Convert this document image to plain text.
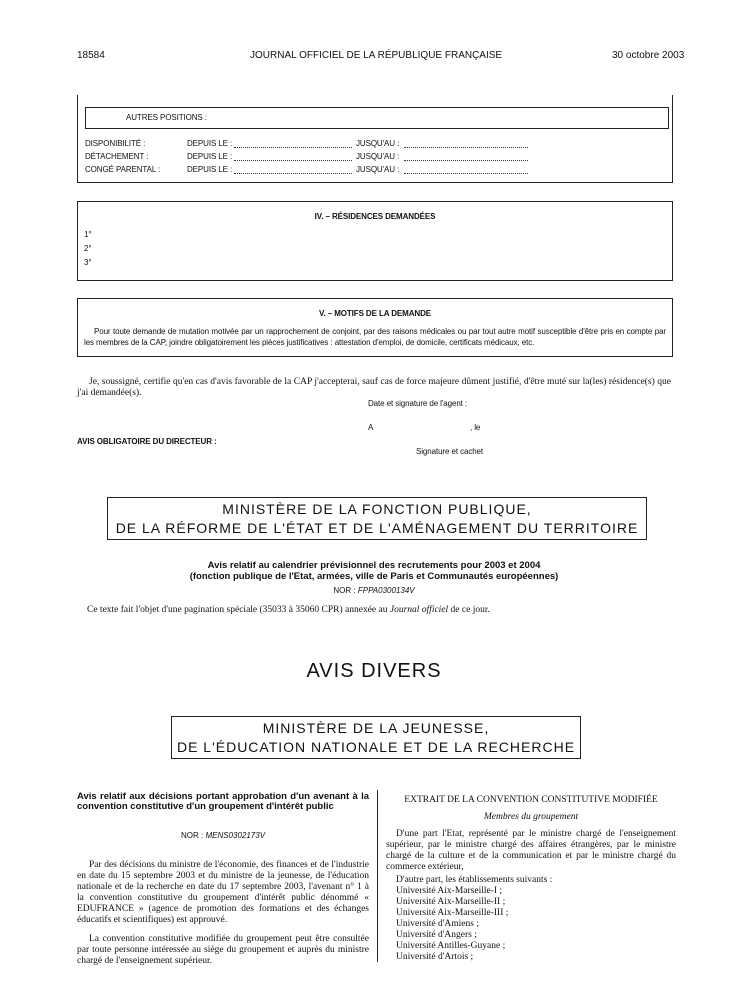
18584	JOURNAL OFFICIEL DE LA RÉPUBLIQUE FRANÇAISE	30 octobre 2003
AUTRES POSITIONS :
DISPONIBILITÉ :	DEPUIS LE :	JUSQU'AU :
DÉTACHEMENT :	DEPUIS LE :	JUSQU'AU :
CONGÉ PARENTAL :	DEPUIS LE :	JUSQU'AU :
IV. – RÉSIDENCES DEMANDÉES
1°
2°
3°
V. – MOTIFS DE LA DEMANDE
Pour toute demande de mutation motivée par un rapprochement de conjoint, par des raisons médicales ou par tout autre motif susceptible d'être pris en compte par les membres de la CAP, joindre obligatoirement les pièces justificatives : attestation d'emploi, de domicile, certificats médicaux, etc.
Je, soussigné, certifie qu'en cas d'avis favorable de la CAP j'accepterai, sauf cas de force majeure dûment justifié, d'être muté sur la(les) résidence(s) que j'ai demandée(s).
Date et signature de l'agent :
A	, le
AVIS OBLIGATOIRE DU DIRECTEUR :
Signature et cachet
MINISTÈRE DE LA FONCTION PUBLIQUE,
DE LA RÉFORME DE L'ÉTAT ET DE L'AMÉNAGEMENT DU TERRITOIRE
Avis relatif au calendrier prévisionnel des recrutements pour 2003 et 2004
(fonction publique de l'Etat, armées, ville de Paris et Communautés européennes)
NOR : FPPA0300134V
Ce texte fait l'objet d'une pagination spéciale (35033 à 35060 CPR) annexée au Journal officiel de ce jour.
AVIS DIVERS
MINISTÈRE DE LA JEUNESSE,
DE L'ÉDUCATION NATIONALE ET DE LA RECHERCHE
Avis relatif aux décisions portant approbation d'un avenant à la convention constitutive d'un groupement d'intérêt public
NOR : MENS0302173V
Par des décisions du ministre de l'économie, des finances et de l'industrie en date du 15 septembre 2003 et du ministre de la jeunesse, de l'éducation nationale et de la recherche en date du 17 septembre 2003, l'avenant n° 1 à la convention constitutive du groupement d'intérêt public dénommé « EDUFRANCE » (agence de promotion des formations et des échanges éducatifs et scientifiques) est approuvé.
La convention constitutive modifiée du groupement peut être consultée par toute personne intéressée au siège du groupement et auprès du ministre chargé de l'enseignement supérieur.
EXTRAIT DE LA CONVENTION CONSTITUTIVE MODIFIÉE
Membres du groupement
D'une part l'Etat, représenté par le ministre chargé de l'enseignement supérieur, par le ministre chargé des affaires étrangères, par le ministre chargé de la culture et de la communication et par le ministre chargé du commerce extérieur,
D'autre part, les établissements suivants :
Université Aix-Marseille-I ;
Université Aix-Marseille-II ;
Université Aix-Marseille-III ;
Université d'Amiens ;
Université d'Angers ;
Université Antilles-Guyane ;
Université d'Artois ;
